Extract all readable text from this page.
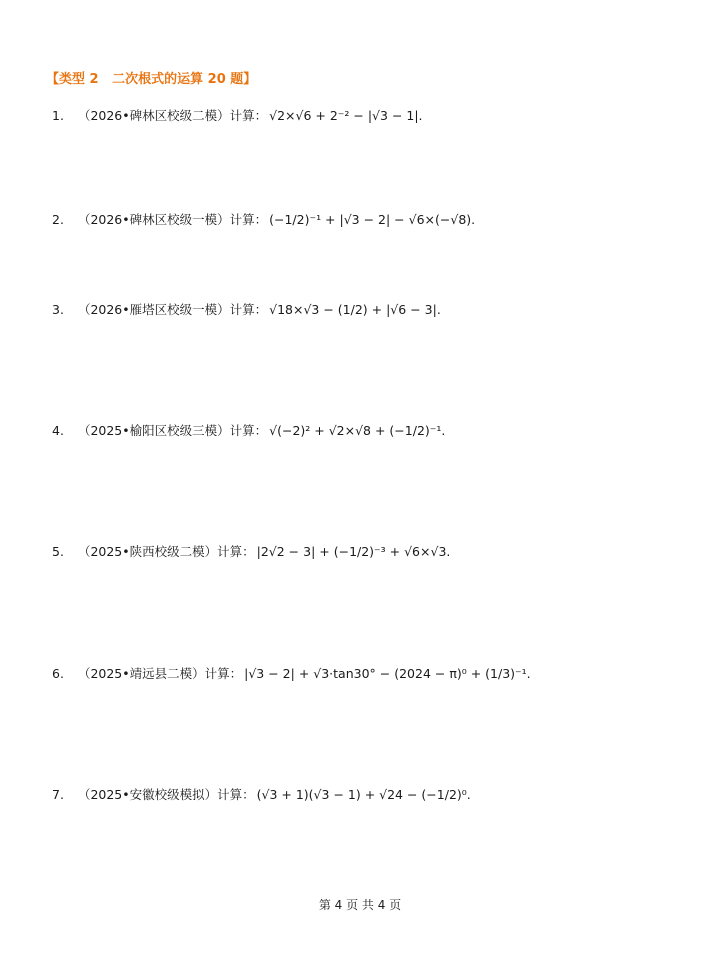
【类型 2   二次根式的运算 20 题】
1. （2026•碑林区校级二模）计算： √2×√6 + 2⁻² − |√3 − 1|.
2. （2026•碑林区校级一模）计算： (−1/2)⁻¹ + |√3 − 2| − √6×(−√8).
3. （2026•雁塔区校级一模）计算： √18×√3 − (1/2) + |√6 − 3|.
4. （2025•榆阳区校级三模）计算： √(−2)² + √2×√8 + (−1/2)⁻¹.
5. （2025•陕西校级二模）计算： |2√2 − 3| + (−1/2)⁻³ + √6×√3.
6. （2025•靖远县二模）计算： |√3 − 2| + √3·tan30° − (2024 − π)⁰ + (1/3)⁻¹.
7. （2025•安徽校级模拟）计算： (√3 + 1)(√3 − 1) + √24 − (−1/2)⁰.
第 4 页 共 4 页
